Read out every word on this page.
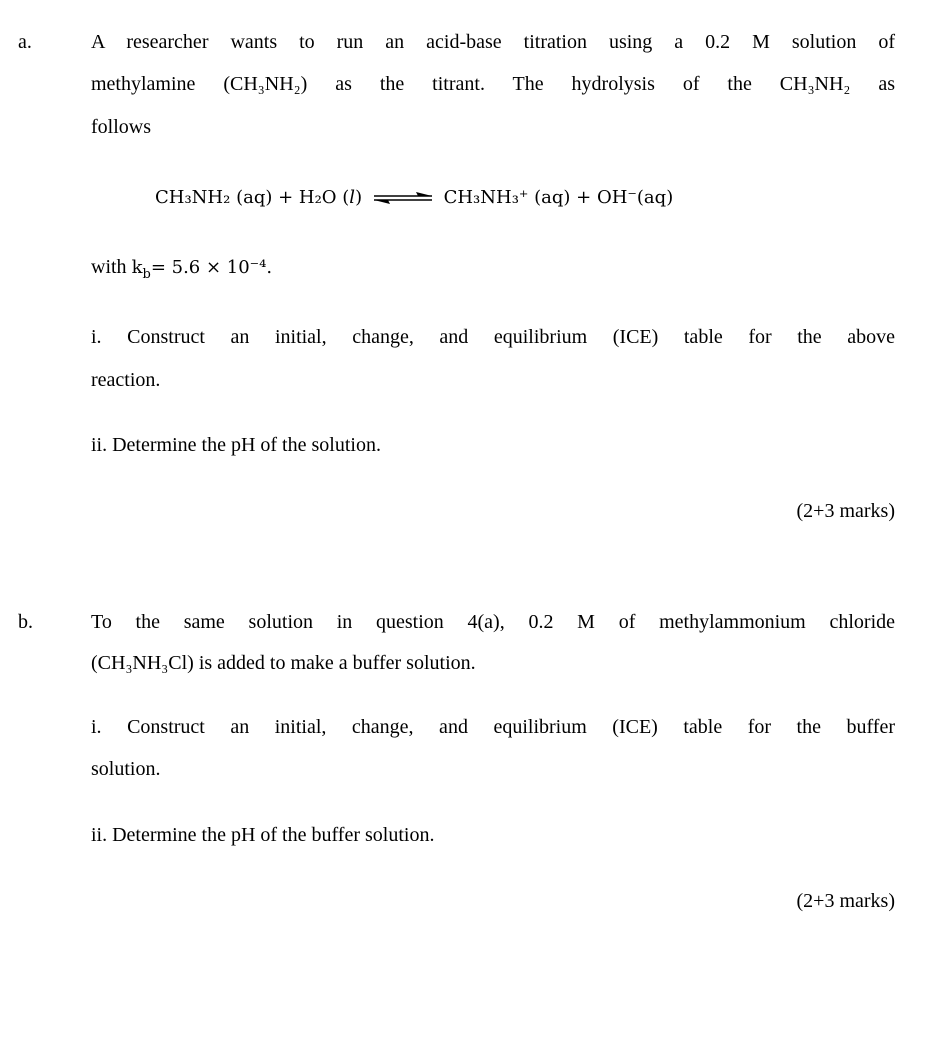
a.	A researcher wants to run an acid-base titration using a 0.2 M solution of
methylamine (CH₃NH₂) as the titrant. The hydrolysis of the CH₃NH₂ as
follows
CH₃NH₂ (aq) + H₂O (𝑙) ⇌ CH₃NH₃⁺ (aq) + OH⁻(aq)
with $k_b= 5.6 \times 10^{-4}$.
i. Construct an initial, change, and equilibrium (ICE) table for the above
reaction.
ii. Determine the pH of the solution.
(2+3 marks)
b.	To the same solution in question 4(a), 0.2 M of methylammonium chloride
(CH₃NH₃Cl) is added to make a buffer solution.
i. Construct an initial, change, and equilibrium (ICE) table for the buffer
solution.
ii. Determine the pH of the buffer solution.
(2+3 marks)
